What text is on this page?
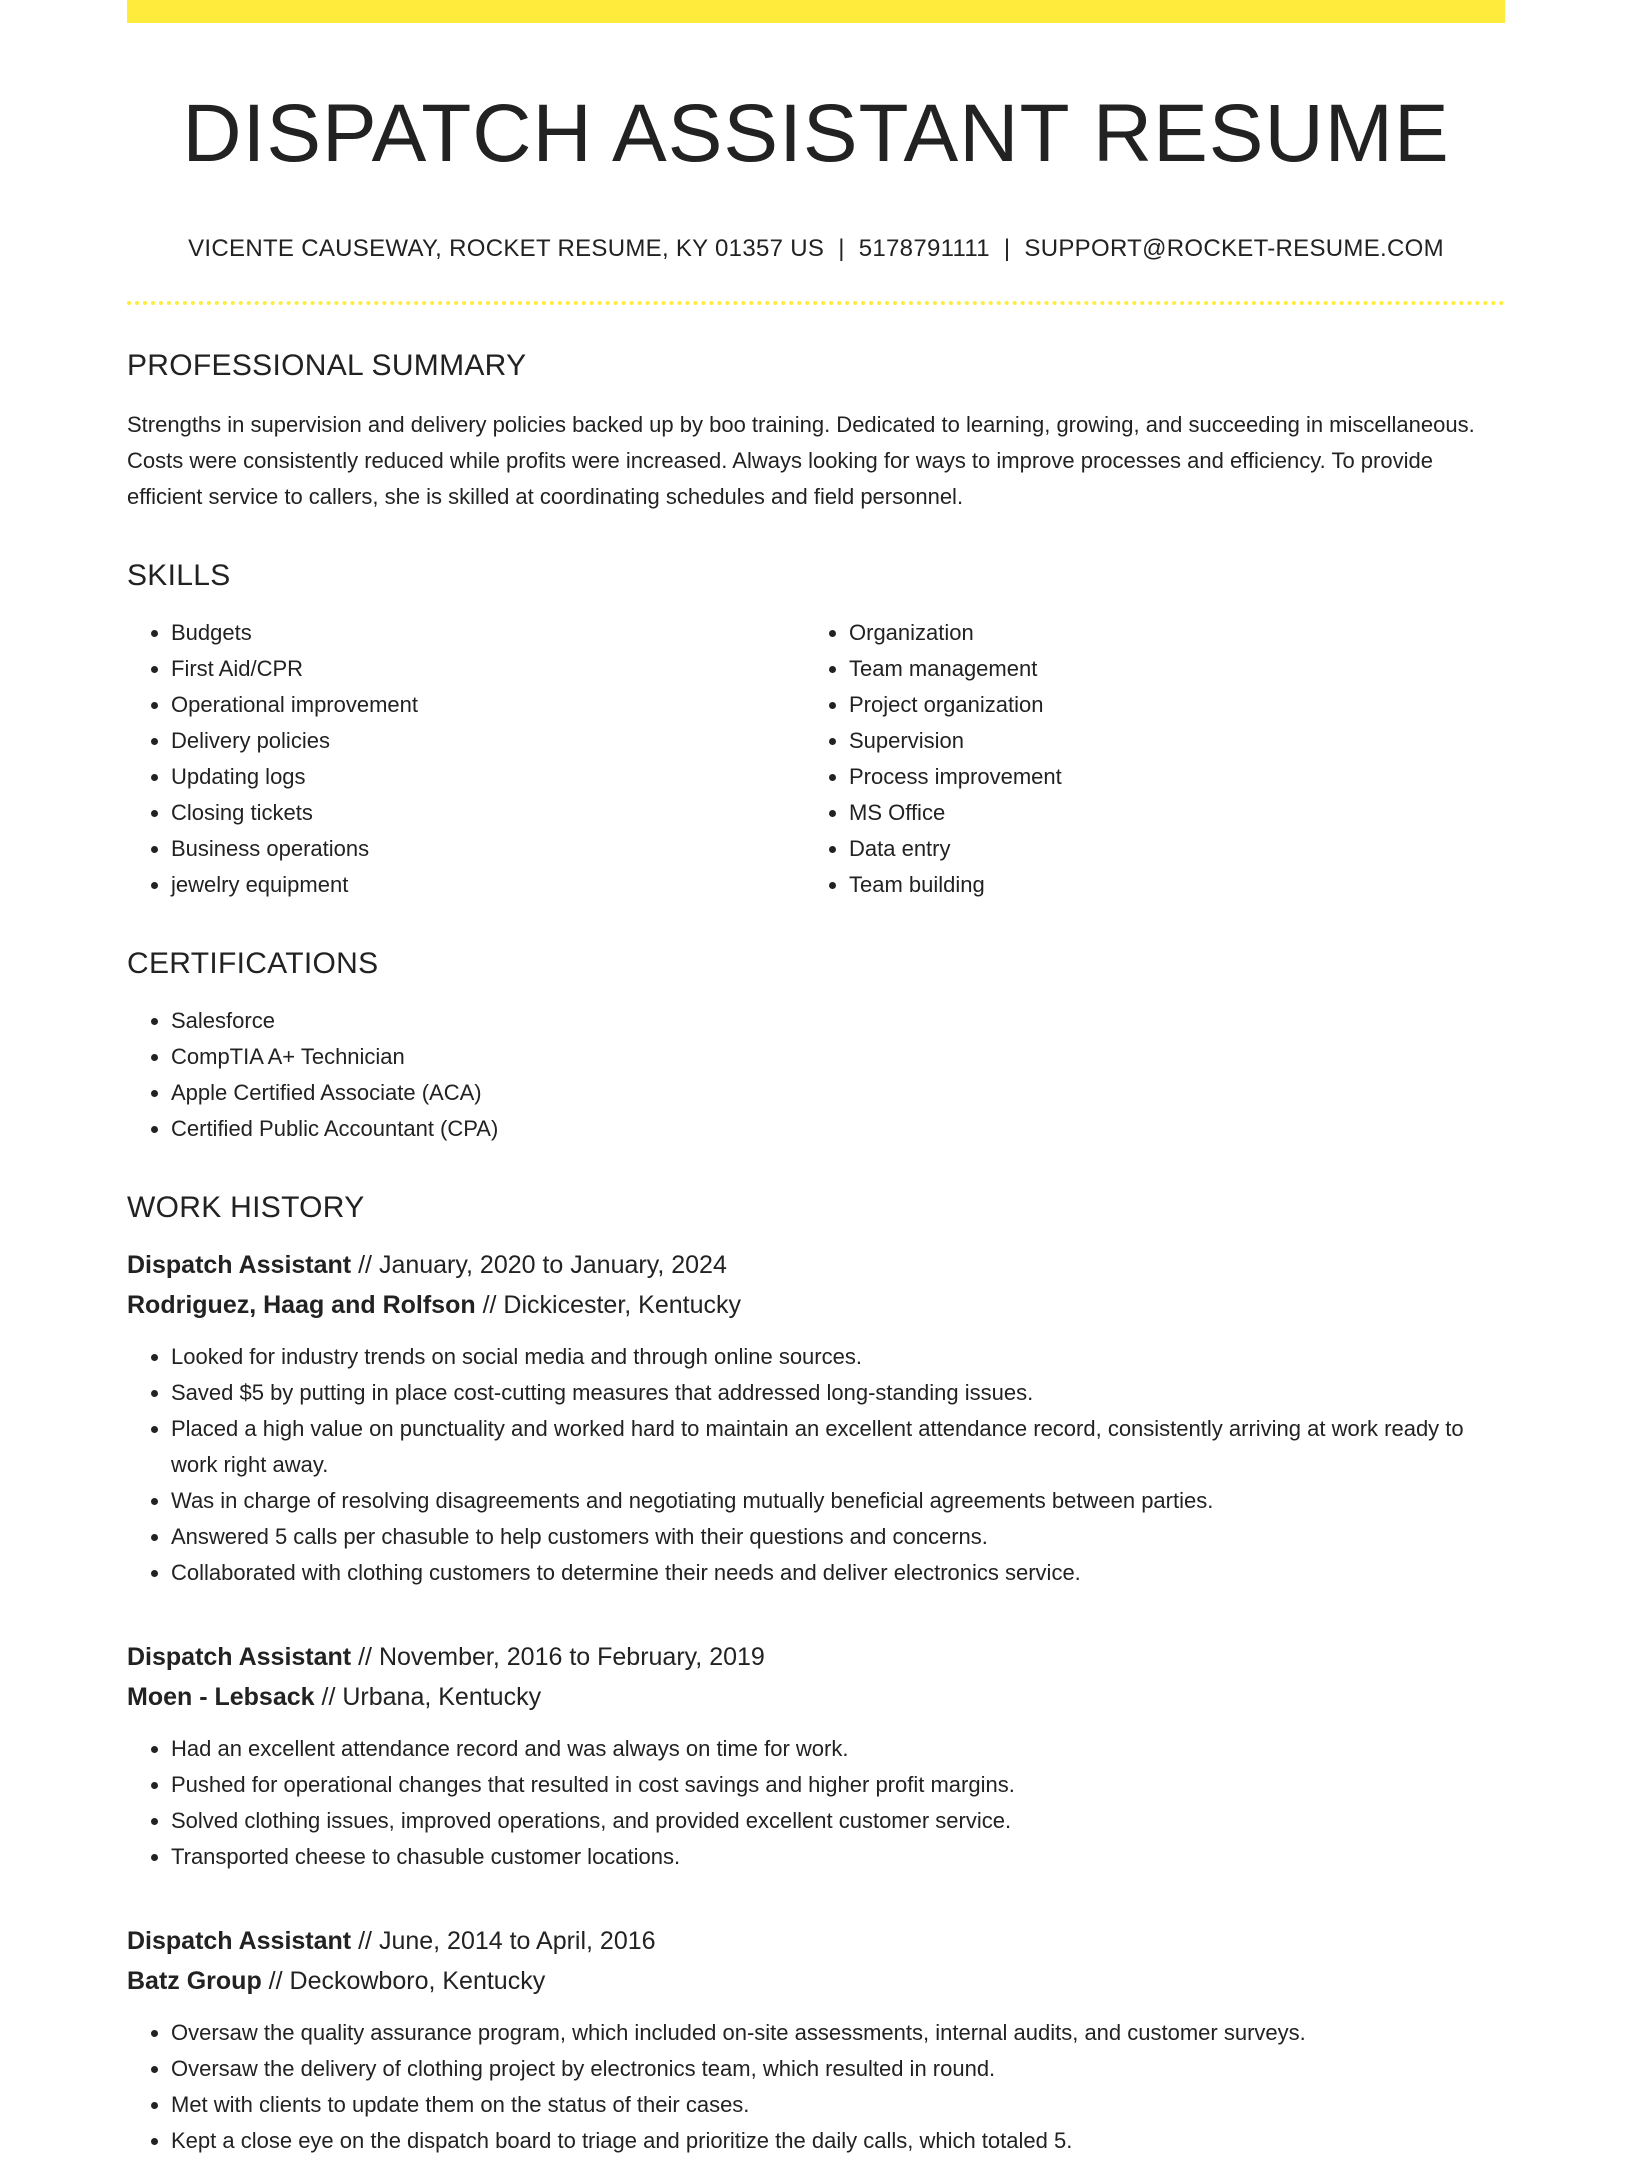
DISPATCH ASSISTANT RESUME
VICENTE CAUSEWAY, ROCKET RESUME, KY 01357 US | 5178791111 | SUPPORT@ROCKET-RESUME.COM
PROFESSIONAL SUMMARY
Strengths in supervision and delivery policies backed up by boo training. Dedicated to learning, growing, and succeeding in miscellaneous. Costs were consistently reduced while profits were increased. Always looking for ways to improve processes and efficiency. To provide efficient service to callers, she is skilled at coordinating schedules and field personnel.
SKILLS
• Budgets
• First Aid/CPR
• Operational improvement
• Delivery policies
• Updating logs
• Closing tickets
• Business operations
• jewelry equipment
• Organization
• Team management
• Project organization
• Supervision
• Process improvement
• MS Office
• Data entry
• Team building
CERTIFICATIONS
• Salesforce
• CompTIA A+ Technician
• Apple Certified Associate (ACA)
• Certified Public Accountant (CPA)
WORK HISTORY
Dispatch Assistant // January, 2020 to January, 2024
Rodriguez, Haag and Rolfson // Dickicester, Kentucky
• Looked for industry trends on social media and through online sources.
• Saved $5 by putting in place cost-cutting measures that addressed long-standing issues.
• Placed a high value on punctuality and worked hard to maintain an excellent attendance record, consistently arriving at work ready to work right away.
• Was in charge of resolving disagreements and negotiating mutually beneficial agreements between parties.
• Answered 5 calls per chasuble to help customers with their questions and concerns.
• Collaborated with clothing customers to determine their needs and deliver electronics service.
Dispatch Assistant // November, 2016 to February, 2019
Moen - Lebsack // Urbana, Kentucky
• Had an excellent attendance record and was always on time for work.
• Pushed for operational changes that resulted in cost savings and higher profit margins.
• Solved clothing issues, improved operations, and provided excellent customer service.
• Transported cheese to chasuble customer locations.
Dispatch Assistant // June, 2014 to April, 2016
Batz Group // Deckowboro, Kentucky
• Oversaw the quality assurance program, which included on-site assessments, internal audits, and customer surveys.
• Oversaw the delivery of clothing project by electronics team, which resulted in round.
• Met with clients to update them on the status of their cases.
• Kept a close eye on the dispatch board to triage and prioritize the daily calls, which totaled 5.
